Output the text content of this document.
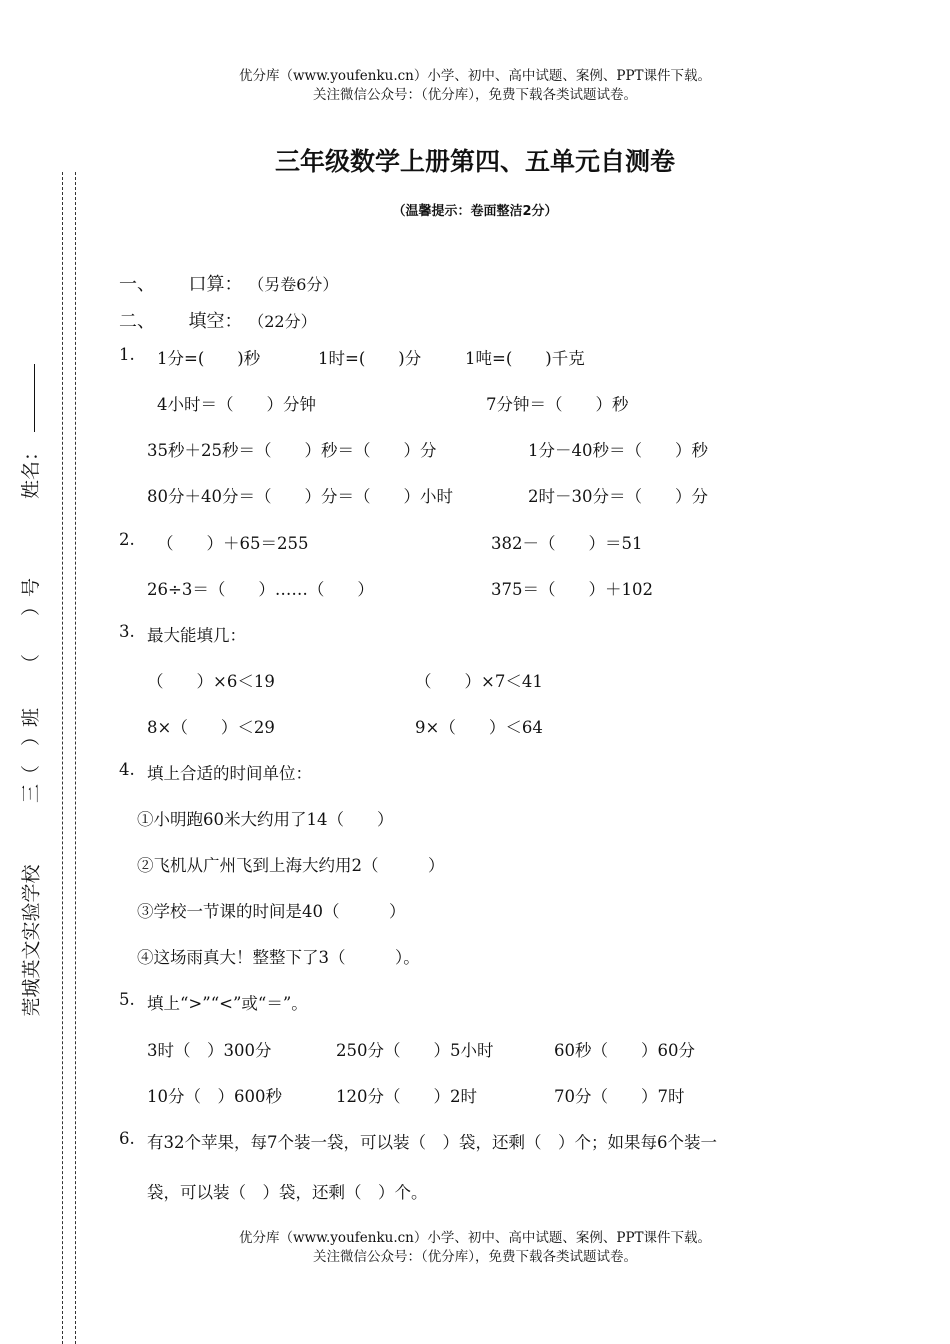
优分库（www.youfenku.cn）小学、初中、高中试题、案例、PPT课件下载。
关注微信公众号：（优分库），免费下载各类试题试卷。
三年级数学上册第四、五单元自测卷
（温馨提示：卷面整洁2分）
姓名：
（　　）号
三（　）班
莞城英文实验学校
一、 口算： （另卷6分）
二、 填空： （22分）
1. 1分=(　　)秒	1时=(　　)分	1吨=(　　)千克
4小时＝（　　）分钟	7分钟＝（　　）秒
35秒＋25秒＝（　　）秒＝（　　）分	1分－40秒＝（　　）秒
80分＋40分＝（　　）分＝（　　）小时	2时－30分＝（　　）分
2. （　　）＋65＝255	382－（　　）＝51
26÷3＝（　　）……（　　）	375＝（　　）＋102
3. 最大能填几：
（　　）×6＜19	（　　）×7＜41
8×（　　）＜29	9×（　　）＜64
4. 填上合适的时间单位：
①小明跑60米大约用了14（　　）
②飞机从广州飞到上海大约用2（　　　）
③学校一节课的时间是40（　　　）
④这场雨真大！整整下了3（　　　）。
5. 填上“>”“<”或“＝”。
3时（　）300分	250分（　　）5小时	60秒（　　）60分
10分（　）600秒	120分（　　）2时	70分（　　）7时
6. 有32个苹果，每7个装一袋，可以装（　）袋，还剩（　）个；如果每6个装一
袋，可以装（　）袋，还剩（　）个。
优分库（www.youfenku.cn）小学、初中、高中试题、案例、PPT课件下载。
关注微信公众号：（优分库），免费下载各类试题试卷。
